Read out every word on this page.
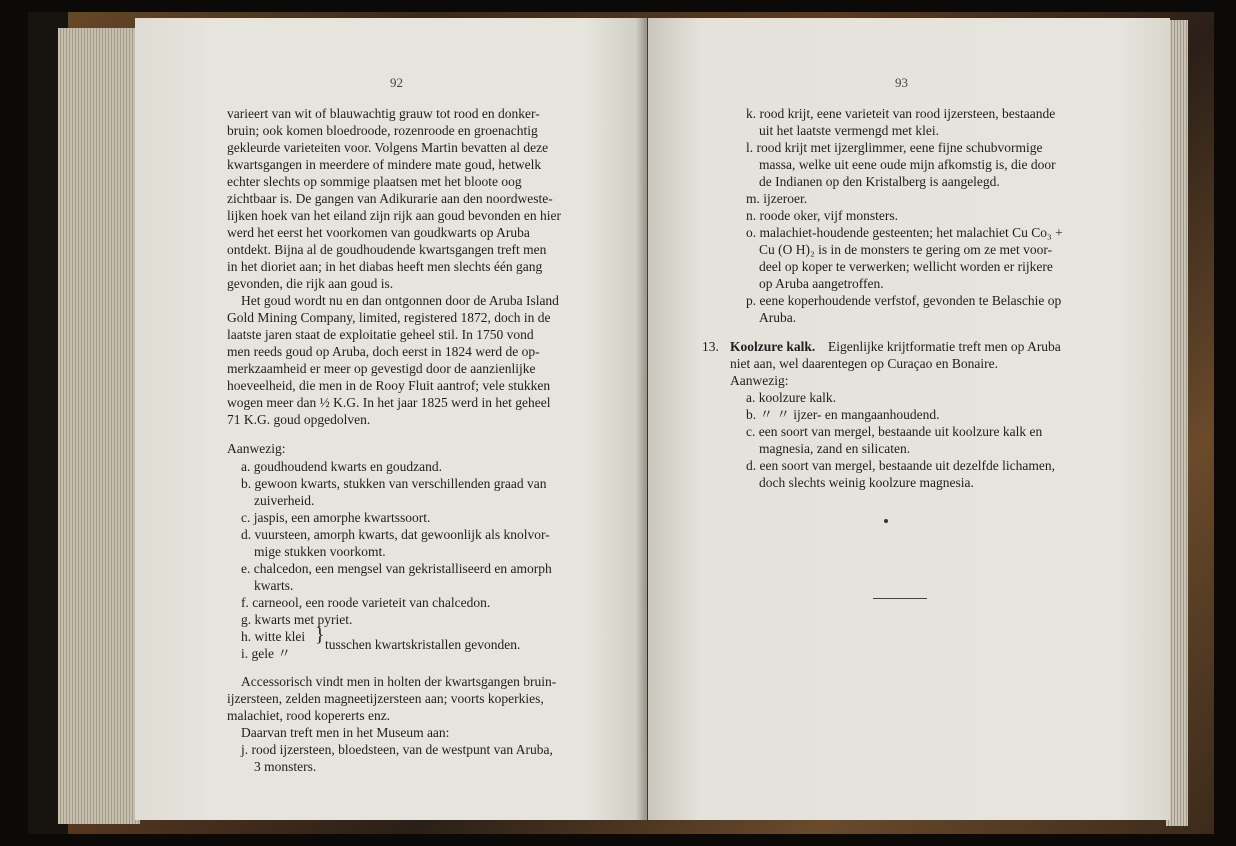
92
varieert van wit of blauwachtig grauw tot rood en donker-
bruin; ook komen bloedroode, rozenroode en groenachtig
gekleurde varieteiten voor. Volgens Martin bevatten al deze
kwartsgangen in meerdere of mindere mate goud, hetwelk
echter slechts op sommige plaatsen met het bloote oog
zichtbaar is. De gangen van Adikurarie aan den noordweste-
lijken hoek van het eiland zijn rijk aan goud bevonden en hier
werd het eerst het voorkomen van goudkwarts op Aruba
ontdekt. Bijna al de goudhoudende kwartsgangen treft men
in het dioriet aan; in het diabas heeft men slechts één gang
gevonden, die rijk aan goud is.
Het goud wordt nu en dan ontgonnen door de Aruba Island
Gold Mining Company, limited, registered 1872, doch in de
laatste jaren staat de exploitatie geheel stil. In 1750 vond
men reeds goud op Aruba, doch eerst in 1824 werd de op-
merkzaamheid er meer op gevestigd door de aanzienlijke
hoeveelheid, die men in de Rooy Fluit aantrof; vele stukken
wogen meer dan ½ K.G. In het jaar 1825 werd in het geheel
71 K.G. goud opgedolven.
Aanwezig:
a. goudhoudend kwarts en goudzand.
b. gewoon kwarts, stukken van verschillenden graad van
zuiverheid.
c. jaspis, een amorphe kwartssoort.
d. vuursteen, amorph kwarts, dat gewoonlijk als knolvor-
mige stukken voorkomt.
e. chalcedon, een mengsel van gekristalliseerd en amorph
kwarts.
f. carneool, een roode varieteit van chalcedon.
g. kwarts met pyriet.
h. witte klei
i. gele 〃
} tusschen kwartskristallen gevonden.
Accessorisch vindt men in holten der kwartsgangen bruin-
ijzersteen, zelden magneetijzersteen aan; voorts koperkies,
malachiet, rood kopererts enz.
Daarvan treft men in het Museum aan:
j. rood ijzersteen, bloedsteen, van de westpunt van Aruba,
3 monsters.
93
k. rood krijt, eene varieteit van rood ijzersteen, bestaande
uit het laatste vermengd met klei.
l. rood krijt met ijzerglimmer, eene fijne schubvormige
massa, welke uit eene oude mijn afkomstig is, die door
de Indianen op den Kristalberg is aangelegd.
m. ijzeroer.
n. roode oker, vijf monsters.
o. malachiet-houdende gesteenten; het malachiet Cu Co₃ +
Cu (O H)₂ is in de monsters te gering om ze met voor-
deel op koper te verwerken; wellicht worden er rijkere
op Aruba aangetroffen.
p. eene koperhoudende verfstof, gevonden te Belaschie op
Aruba.
13. Koolzure kalk. Eigenlijke krijtformatie treft men op Aruba
niet aan, wel daarentegen op Curaçao en Bonaire.
Aanwezig:
a. koolzure kalk.
b. 〃 〃 ijzer- en mangaanhoudend.
c. een soort van mergel, bestaande uit koolzure kalk en
magnesia, zand en silicaten.
d. een soort van mergel, bestaande uit dezelfde lichamen,
doch slechts weinig koolzure magnesia.
